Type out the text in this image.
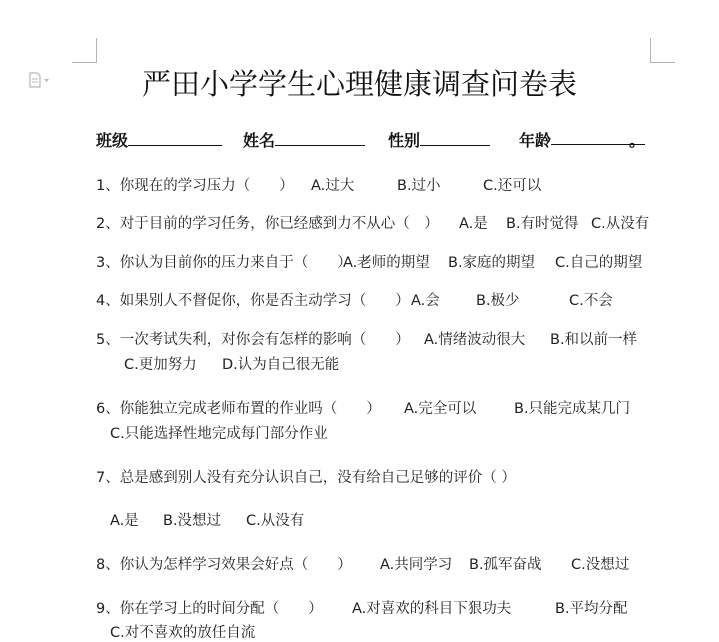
严田小学学生心理健康调查问卷表
班级	姓名	性别	年龄	。
1、你现在的学习压力（　　） A.过大	B.过小	C.还可以
2、对于目前的学习任务，你已经感到力不从心（　） A.是 B.有时觉得 C.从没有
3、你认为目前你的压力来自于（　　）
A.老师的期望 B.家庭的期望 C.自己的期望
4、如果别人不督促你，你是否主动学习（　　） A.会 B.极少	C.不会
5、一次考试失利，对你会有怎样的影响（　　） A.情绪波动很大 B.和以前一样
C.更加努力 D.认为自己很无能
6、你能独立完成老师布置的作业吗（　　） A.完全可以	B.只能完成某几门
C.只能选择性地完成每门部分作业
7、总是感到别人没有充分认识自己，没有给自己足够的评价（ ）
A.是 B.没想过 C.从没有
8、你认为怎样学习效果会好点（　　） A.共同学习 B.孤军奋战 C.没想过
9、你在学习上的时间分配（　　） A.对喜欢的科目下狠功夫	B.平均分配
C.对不喜欢的放任自流
